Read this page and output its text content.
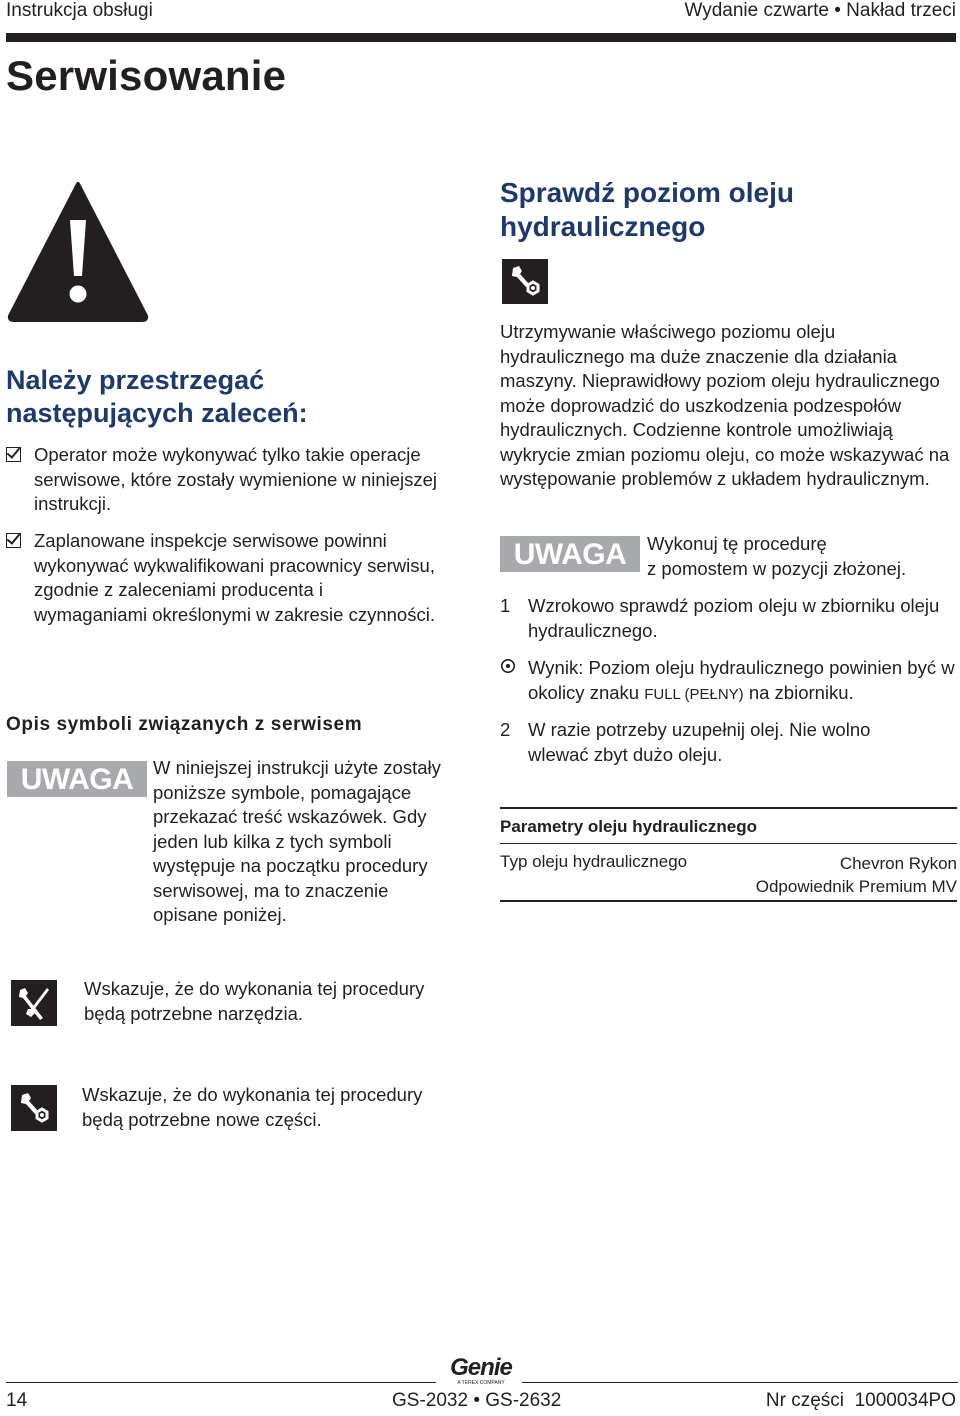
Instrukcja obsługi	Wydanie czwarte • Nakład trzeci
Serwisowanie
Należy przestrzegać
następujących zaleceń:
Operator może wykonywać tylko takie operacje serwisowe, które zostały wymienione w niniejszej instrukcji.
Zaplanowane inspekcje serwisowe powinni wykonywać wykwalifikowani pracownicy serwisu, zgodnie z zaleceniami producenta i wymaganiami określonymi w zakresie czynności.
Opis symboli związanych z serwisem
UWAGA	W niniejszej instrukcji użyte zostały poniższe symbole, pomagające przekazać treść wskazówek. Gdy jeden lub kilka z tych symboli występuje na początku procedury serwisowej, ma to znaczenie opisane poniżej.
Wskazuje, że do wykonania tej procedury będą potrzebne narzędzia.
Wskazuje, że do wykonania tej procedury będą potrzebne nowe części.
Sprawdź poziom oleju
hydraulicznego
Utrzymywanie właściwego poziomu oleju hydraulicznego ma duże znaczenie dla działania maszyny. Nieprawidłowy poziom oleju hydraulicznego może doprowadzić do uszkodzenia podzespołów hydraulicznych. Codzienne kontrole umożliwiają wykrycie zmian poziomu oleju, co może wskazywać na występowanie problemów z układem hydraulicznym.
UWAGA	Wykonuj tę procedurę
z pomostem w pozycji złożonej.
1 Wzrokowo sprawdź poziom oleju w zbiorniku oleju hydraulicznego.
Wynik: Poziom oleju hydraulicznego powinien być w okolicy znaku FULL (PEŁNY) na zbiorniku.
2 W razie potrzeby uzupełnij olej. Nie wolno wlewać zbyt dużo oleju.
Parametry oleju hydraulicznego
Typ oleju hydraulicznego	Chevron Rykon
Odpowiednik Premium MV
Genie
A TEREX COMPANY
14	GS-2032 • GS-2632	Nr części  1000034PO
